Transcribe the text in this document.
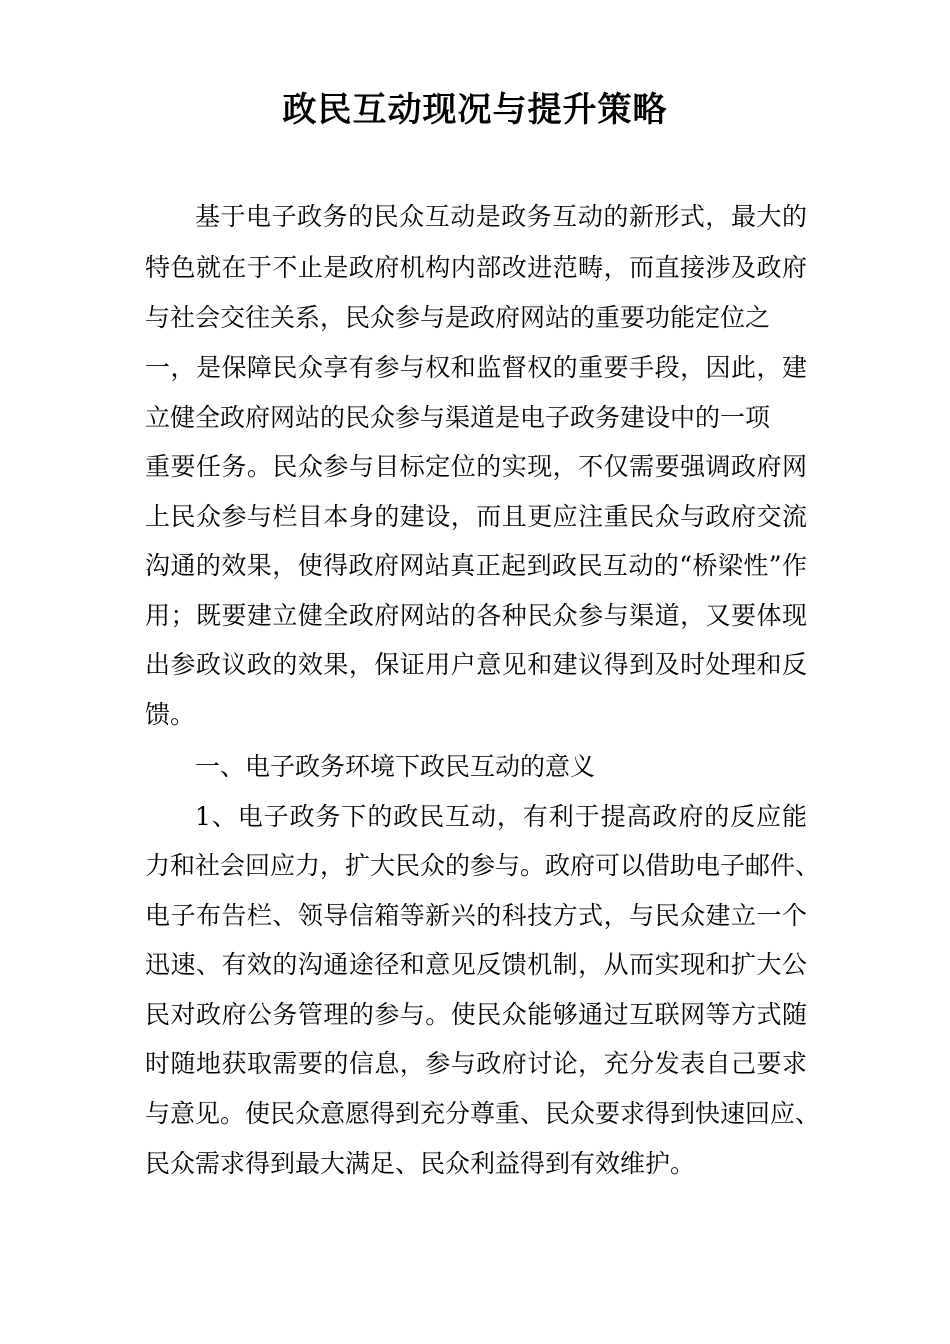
政民互动现况与提升策略
基于电子政务的民众互动是政务互动的新形式，最大的
特色就在于不止是政府机构内部改进范畴，而直接涉及政府
与社会交往关系，民众参与是政府网站的重要功能定位之
一，是保障民众享有参与权和监督权的重要手段，因此，建
立健全政府网站的民众参与渠道是电子政务建设中的一项
重要任务。民众参与目标定位的实现，不仅需要强调政府网
上民众参与栏目本身的建设，而且更应注重民众与政府交流
沟通的效果，使得政府网站真正起到政民互动的“桥梁性”作
用；既要建立健全政府网站的各种民众参与渠道，又要体现
出参政议政的效果，保证用户意见和建议得到及时处理和反
馈。
一、电子政务环境下政民互动的意义
1、电子政务下的政民互动，有利于提高政府的反应能
力和社会回应力，扩大民众的参与。政府可以借助电子邮件、
电子布告栏、领导信箱等新兴的科技方式，与民众建立一个
迅速、有效的沟通途径和意见反馈机制，从而实现和扩大公
民对政府公务管理的参与。使民众能够通过互联网等方式随
时随地获取需要的信息，参与政府讨论，充分发表自己要求
与意见。使民众意愿得到充分尊重、民众要求得到快速回应、
民众需求得到最大满足、民众利益得到有效维护。
